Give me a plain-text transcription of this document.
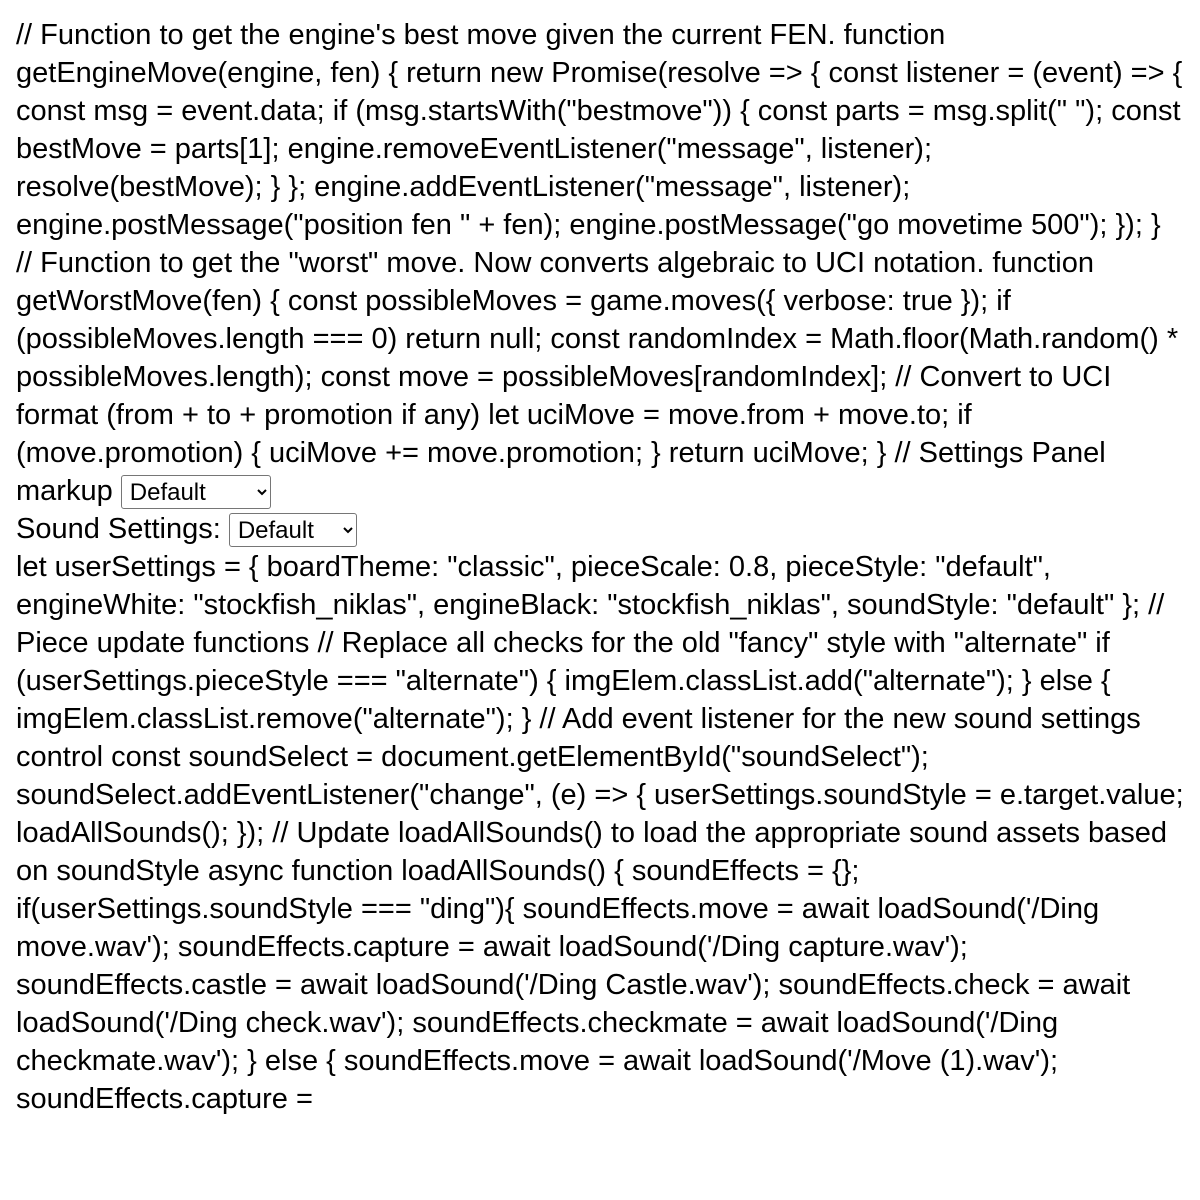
// Function to get the engine's best move given the current FEN. function getEngineMove(engine, fen) { return new Promise(resolve => { const listener = (event) => { const msg = event.data; if (msg.startsWith("bestmove")) { const parts = msg.split(" "); const bestMove = parts[1]; engine.removeEventListener("message", listener); resolve(bestMove); } }; engine.addEventListener("message", listener); engine.postMessage("position fen " + fen); engine.postMessage("go movetime 500"); }); } // Function to get the "worst" move. Now converts algebraic to UCI notation. function getWorstMove(fen) { const possibleMoves = game.moves({ verbose: true }); if (possibleMoves.length === 0) return null; const randomIndex = Math.floor(Math.random() * possibleMoves.length); const move = possibleMoves[randomIndex]; // Convert to UCI format (from + to + promotion if any) let uciMove = move.from + move.to; if (move.promotion) { uciMove += move.promotion; } return uciMove; } // Settings Panel markup
Default
Sound Settings:
Default
let userSettings = { boardTheme: "classic", pieceScale: 0.8, pieceStyle: "default", engineWhite: "stockfish_niklas", engineBlack: "stockfish_niklas", soundStyle: "default" }; // Piece update functions // Replace all checks for the old "fancy" style with "alternate" if (userSettings.pieceStyle === "alternate") { imgElem.classList.add("alternate"); } else { imgElem.classList.remove("alternate"); } // Add event listener for the new sound settings control const soundSelect = document.getElementById("soundSelect"); soundSelect.addEventListener("change", (e) => { userSettings.soundStyle = e.target.value; loadAllSounds(); }); // Update loadAllSounds() to load the appropriate sound assets based on soundStyle async function loadAllSounds() { soundEffects = {}; if(userSettings.soundStyle === "ding"){ soundEffects.move = await loadSound('/Ding move.wav'); soundEffects.capture = await loadSound('/Ding capture.wav'); soundEffects.castle = await loadSound('/Ding Castle.wav'); soundEffects.check = await loadSound('/Ding check.wav'); soundEffects.checkmate = await loadSound('/Ding checkmate.wav'); } else { soundEffects.move = await loadSound('/Move (1).wav'); soundEffects.capture =
